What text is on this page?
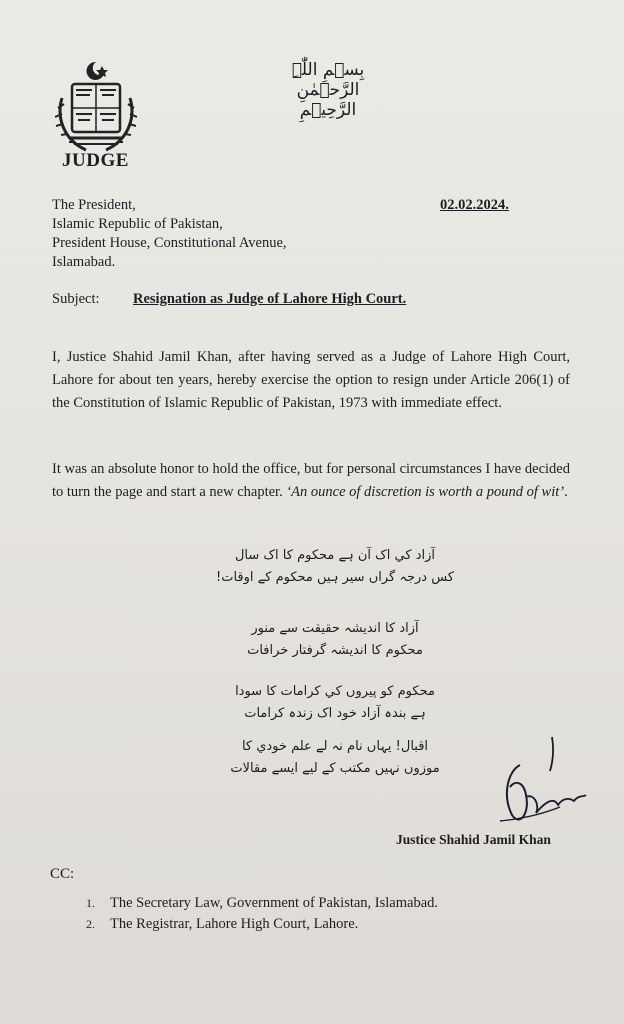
JUDGE
بِسۡمِ اللّٰہِ الرَّحۡمٰنِ الرَّحِیۡمِ
The President,
Islamic Republic of Pakistan,
President House, Constitutional Avenue,
Islamabad.
02.02.2024.
Subject: Resignation as Judge of Lahore High Court.
I, Justice Shahid Jamil Khan, after having served as a Judge of Lahore High Court, Lahore for about ten years, hereby exercise the option to resign under Article 206(1) of the Constitution of Islamic Republic of Pakistan, 1973 with immediate effect.
It was an absolute honor to hold the office, but for personal circumstances I have decided to turn the page and start a new chapter. ‘An ounce of discretion is worth a pound of wit’.
آزاد کي اک آن ہے محکوم کا اک سال
کس درجہ گراں سير ہيں محکوم کے اوقات!
آزاد کا انديشہ حقيقت سے منور
محکوم کا انديشہ گرفتار خرافات
محکوم کو پيروں کي کرامات کا سودا
ہے بندہ آزاد خود اک زندہ کرامات
اقبال! يہاں نام نہ لے علم خودي کا
موزوں نہيں مکتب کے ليے ايسے مقالات
Justice Shahid Jamil Khan
CC:
1. The Secretary Law, Government of Pakistan, Islamabad.
2. The Registrar, Lahore High Court, Lahore.
